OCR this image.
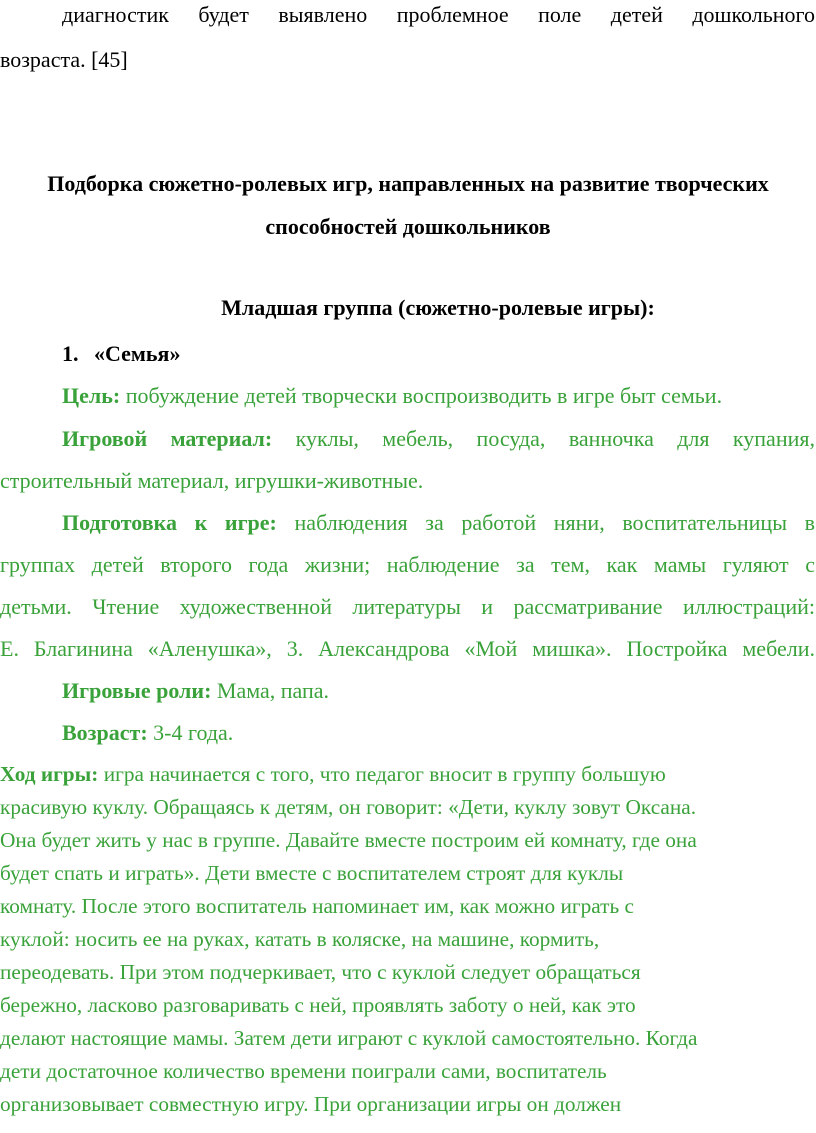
диагностик будет выявлено проблемное поле детей дошкольного

возраста. [45]

Подборка сюжетно-ролевых игр, направленных на развитие творческих

способностей дошкольников

Младшая группа (сюжетно-ролевые игры):

1. «Семья»

Цель: побуждение детей творчески воспроизводить в игре быт семьи.

Игровой материал: куклы, мебель, посуда, ванночка для купания,

строительный материал, игрушки-животные.

Подготовка к игре: наблюдения за работой няни, воспитательницы в

группах детей второго года жизни; наблюдение за тем, как мамы гуляют с

детьми. Чтение художественной литературы и рассматривание иллюстраций:

Е. Благинина «Аленушка», 3. Александрова «Мой мишка». Постройка мебели.

Игровые роли: Мама, папа.

Возраст: 3-4 года.

Ход игры: игра начинается с того, что педагог вносит в группу большую

красивую куклу. Обращаясь к детям, он говорит: «Дети, куклу зовут Оксана.

Она будет жить у нас в группе. Давайте вместе построим ей комнату, где она

будет спать и играть». Дети вместе с воспитателем строят для куклы

комнату. После этого воспитатель напоминает им, как можно играть с

куклой: носить ее на руках, катать в коляске, на машине, кормить,

переодевать. При этом подчеркивает, что с куклой следует обращаться

бережно, ласково разговаривать с ней, проявлять заботу о ней, как это

делают настоящие мамы. Затем дети играют с куклой самостоятельно. Когда

дети достаточное количество времени поиграли сами, воспитатель

организовывает совместную игру. При организации игры он должен
